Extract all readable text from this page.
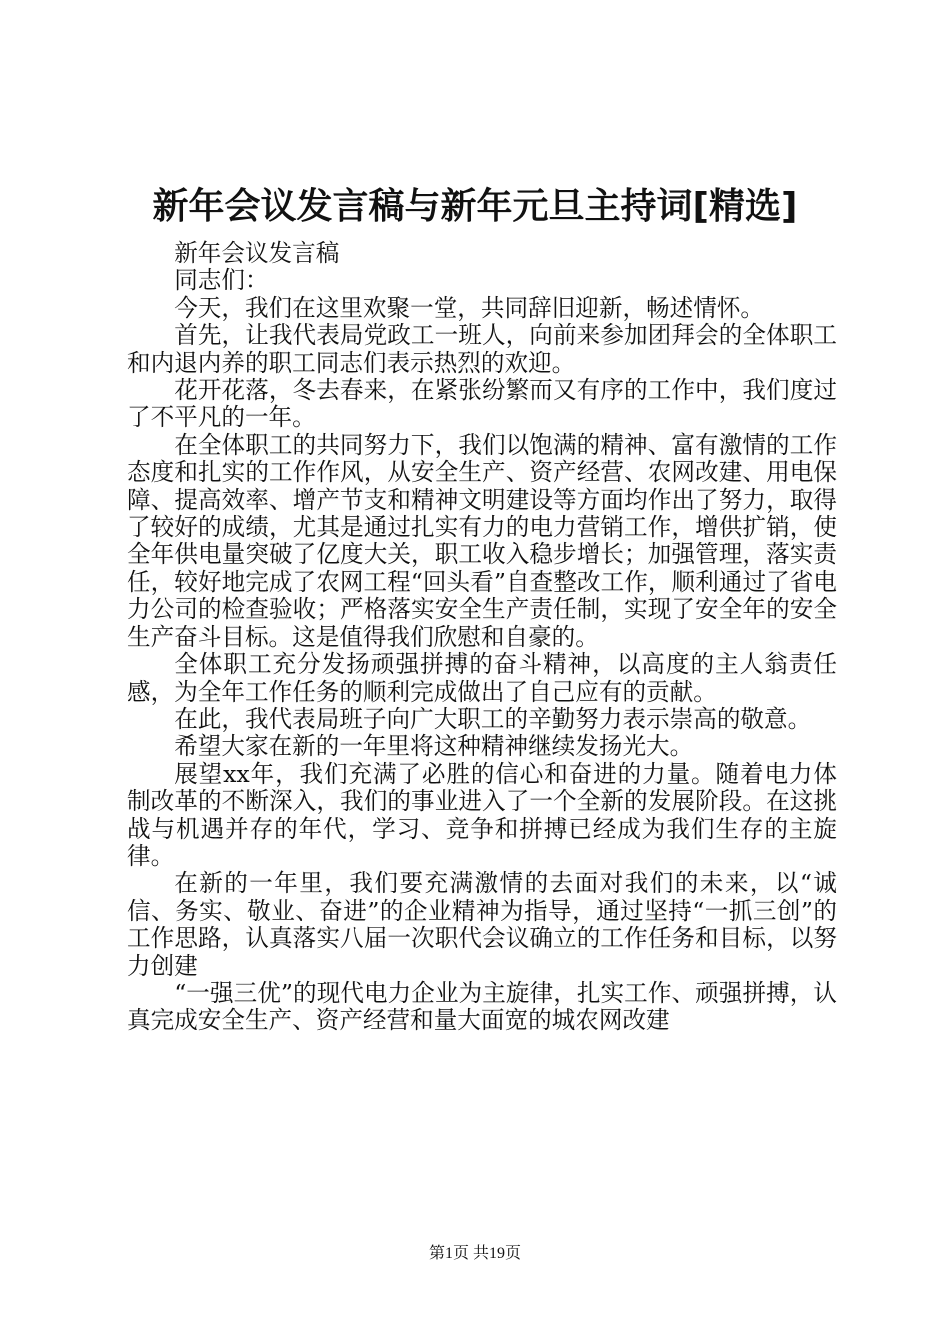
新年会议发言稿与新年元旦主持词[精选]

新年会议发言稿

同志们：

今天，我们在这里欢聚一堂，共同辞旧迎新，畅述情怀。

首先，让我代表局党政工一班人，向前来参加团拜会的全体职工和内退内养的职工同志们表示热烈的欢迎。

花开花落，冬去春来，在紧张纷繁而又有序的工作中，我们度过了不平凡的一年。

在全体职工的共同努力下，我们以饱满的精神、富有激情的工作态度和扎实的工作作风，从安全生产、资产经营、农网改建、用电保障、提高效率、增产节支和精神文明建设等方面均作出了努力，取得了较好的成绩，尤其是通过扎实有力的电力营销工作，增供扩销，使全年供电量突破了亿度大关，职工收入稳步增长；加强管理，落实责任，较好地完成了农网工程“回头看”自查整改工作，顺利通过了省电力公司的检查验收；严格落实安全生产责任制，实现了安全年的安全生产奋斗目标。这是值得我们欣慰和自豪的。

全体职工充分发扬顽强拼搏的奋斗精神，以高度的主人翁责任感，为全年工作任务的顺利完成做出了自己应有的贡献。

在此，我代表局班子向广大职工的辛勤努力表示崇高的敬意。

希望大家在新的一年里将这种精神继续发扬光大。

展望xx年，我们充满了必胜的信心和奋进的力量。随着电力体制改革的不断深入，我们的事业进入了一个全新的发展阶段。在这挑战与机遇并存的年代，学习、竞争和拼搏已经成为我们生存的主旋律。

在新的一年里，我们要充满激情的去面对我们的未来，以“诚信、务实、敬业、奋进”的企业精神为指导，通过坚持“一抓三创”的工作思路，认真落实八届一次职代会议确立的工作任务和目标，以努力创建

“一强三优”的现代电力企业为主旋律，扎实工作、顽强拼搏，认真完成安全生产、资产经营和量大面宽的城农网改建

第1页 共19页
